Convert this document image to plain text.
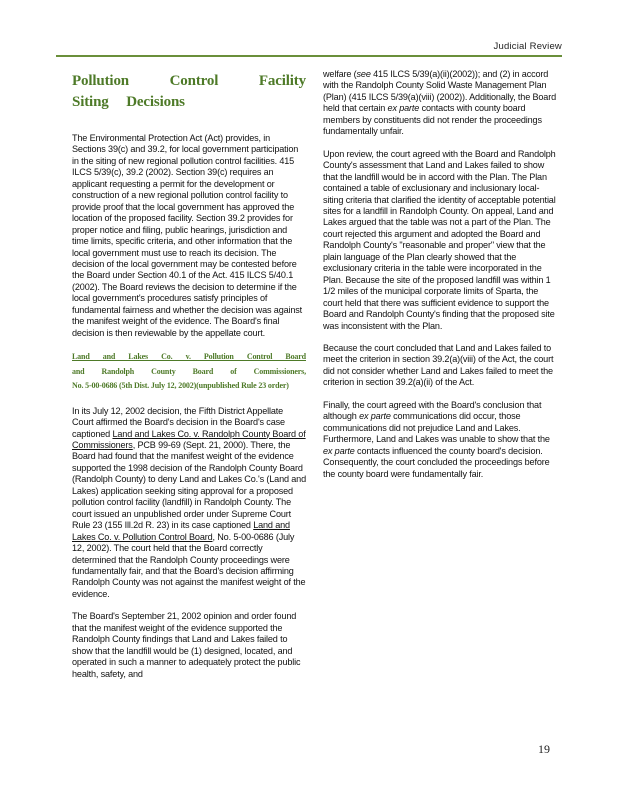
Judicial Review
Pollution Control Facility
Siting Decisions

The Environmental Protection Act (Act) provides, in Sections 39(c) and 39.2, for local government participation in the siting of new regional pollution control facilities. 415 ILCS 5/39(c), 39.2 (2002). Section 39(c) requires an applicant requesting a permit for the development or construction of a new regional pollution control facility to provide proof that the local government has approved the location of the proposed facility. Section 39.2 provides for proper notice and filing, public hearings, jurisdiction and time limits, specific criteria, and other information that the local government must use to reach its decision. The decision of the local government may be contested before the Board under Section 40.1 of the Act. 415 ILCS 5/40.1 (2002). The Board reviews the decision to determine if the local government's procedures satisfy principles of fundamental fairness and whether the decision was against the manifest weight of the evidence. The Board's final decision is then reviewable by the appellate court.

Land and Lakes Co. v. Pollution Control Board
and Randolph County Board of Commissioners,
No. 5-00-0686 (5th Dist. July 12, 2002)(unpublished Rule 23 order)

In its July 12, 2002 decision, the Fifth District Appellate Court affirmed the Board's decision in the Board's case captioned Land and Lakes Co. v. Randolph County Board of Commissioners, PCB 99-69 (Sept. 21, 2000). There, the Board had found that the manifest weight of the evidence supported the 1998 decision of the Randolph County Board (Randolph County) to deny Land and Lakes Co.'s (Land and Lakes) application seeking siting approval for a proposed pollution control facility (landfill) in Randolph County. The court issued an unpublished order under Supreme Court Rule 23 (155 Ill.2d R. 23) in its case captioned Land and Lakes Co. v. Pollution Control Board, No. 5-00-0686 (July 12, 2002). The court held that the Board correctly determined that the Randolph County proceedings were fundamentally fair, and that the Board's decision affirming Randolph County was not against the manifest weight of the evidence.

The Board's September 21, 2002 opinion and order found that the manifest weight of the evidence supported the Randolph County findings that Land and Lakes failed to show that the landfill would be (1) designed, located, and operated in such a manner to adequately protect the public health, safety, and

welfare (see 415 ILCS 5/39(a)(ii)(2002)); and (2) in accord with the Randolph County Solid Waste Management Plan (Plan) (415 ILCS 5/39(a)(viii) (2002)). Additionally, the Board held that certain ex parte contacts with county board members by constituents did not render the proceedings fundamentally unfair.

Upon review, the court agreed with the Board and Randolph County's assessment that Land and Lakes failed to show that the landfill would be in accord with the Plan. The Plan contained a table of exclusionary and inclusionary local-siting criteria that clarified the identity of acceptable potential sites for a landfill in Randolph County. On appeal, Land and Lakes argued that the table was not a part of the Plan. The court rejected this argument and adopted the Board and Randolph County's "reasonable and proper" view that the plain language of the Plan clearly showed that the exclusionary criteria in the table were incorporated in the Plan. Because the site of the proposed landfill was within 1 1/2 miles of the municipal corporate limits of Sparta, the court held that there was sufficient evidence to support the Board and Randolph County's finding that the proposed site was inconsistent with the Plan.

Because the court concluded that Land and Lakes failed to meet the criterion in section 39.2(a)(viii) of the Act, the court did not consider whether Land and Lakes failed to meet the criterion in section 39.2(a)(ii) of the Act.

Finally, the court agreed with the Board's conclusion that although ex parte communications did occur, those communications did not prejudice Land and Lakes. Furthermore, Land and Lakes was unable to show that the ex parte contacts influenced the county board's decision. Consequently, the court concluded the proceedings before the county board were fundamentally fair.

19
